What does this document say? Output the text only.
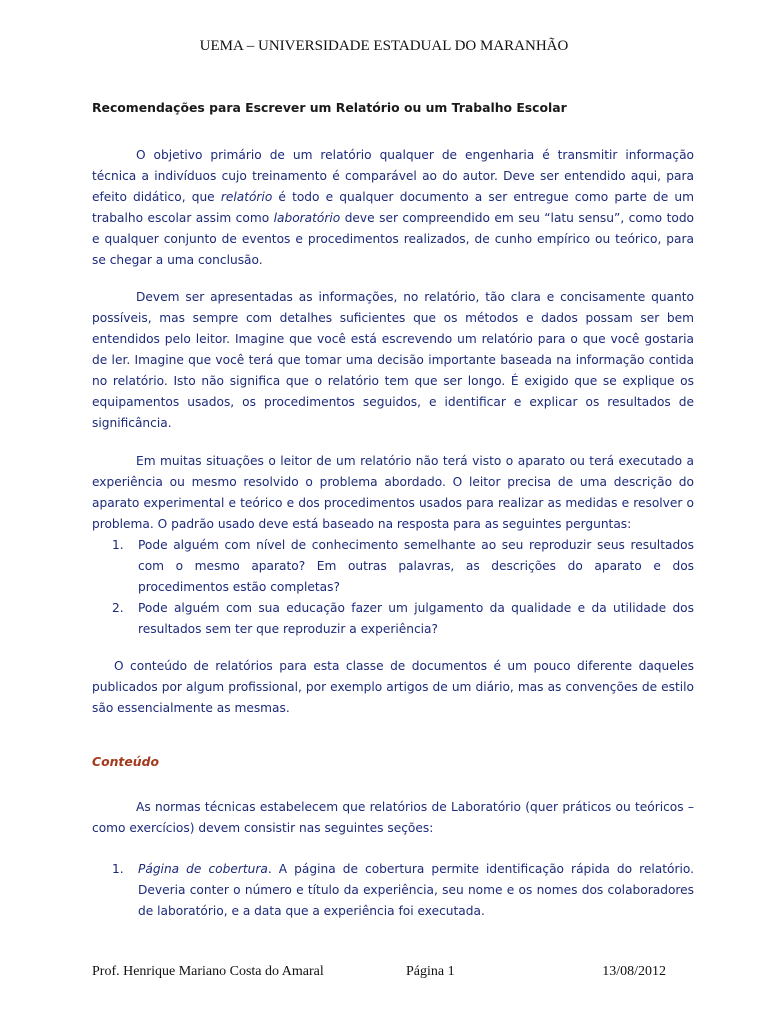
UEMA – UNIVERSIDADE ESTADUAL DO MARANHÃO
Recomendações para Escrever um Relatório ou um Trabalho Escolar

O objetivo primário de um relatório qualquer de engenharia é transmitir informação técnica a indivíduos cujo treinamento é comparável ao do autor. Deve ser entendido aqui, para efeito didático, que relatório é todo e qualquer documento a ser entregue como parte de um trabalho escolar assim como laboratório deve ser compreendido em seu “latu sensu”, como todo e qualquer conjunto de eventos e procedimentos realizados, de cunho empírico ou teórico, para se chegar a uma conclusão.

Devem ser apresentadas as informações, no relatório, tão clara e concisamente quanto possíveis, mas sempre com detalhes suficientes que os métodos e dados possam ser bem entendidos pelo leitor. Imagine que você está escrevendo um relatório para o que você gostaria de ler. Imagine que você terá que tomar uma decisão importante baseada na informação contida no relatório. Isto não significa que o relatório tem que ser longo. É exigido que se explique os equipamentos usados, os procedimentos seguidos, e identificar e explicar os resultados de significância.

Em muitas situações o leitor de um relatório não terá visto o aparato ou terá executado a experiência ou mesmo resolvido o problema abordado. O leitor precisa de uma descrição do aparato experimental e teórico e dos procedimentos usados para realizar as medidas e resolver o problema. O padrão usado deve está baseado na resposta para as seguintes perguntas:

1. Pode alguém com nível de conhecimento semelhante ao seu reproduzir seus resultados com o mesmo aparato? Em outras palavras, as descrições do aparato e dos procedimentos estão completas?
2. Pode alguém com sua educação fazer um julgamento da qualidade e da utilidade dos resultados sem ter que reproduzir a experiência?

O conteúdo de relatórios para esta classe de documentos é um pouco diferente daqueles publicados por algum profissional, por exemplo artigos de um diário, mas as convenções de estilo são essencialmente as mesmas.

Conteúdo

As normas técnicas estabelecem que relatórios de Laboratório (quer práticos ou teóricos – como exercícios) devem consistir nas seguintes seções:

1. Página de cobertura. A página de cobertura permite identificação rápida do relatório. Deveria conter o número e título da experiência, seu nome e os nomes dos colaboradores de laboratório, e a data que a experiência foi executada.
Prof. Henrique Mariano Costa do Amaral	Página 1	13/08/2012
